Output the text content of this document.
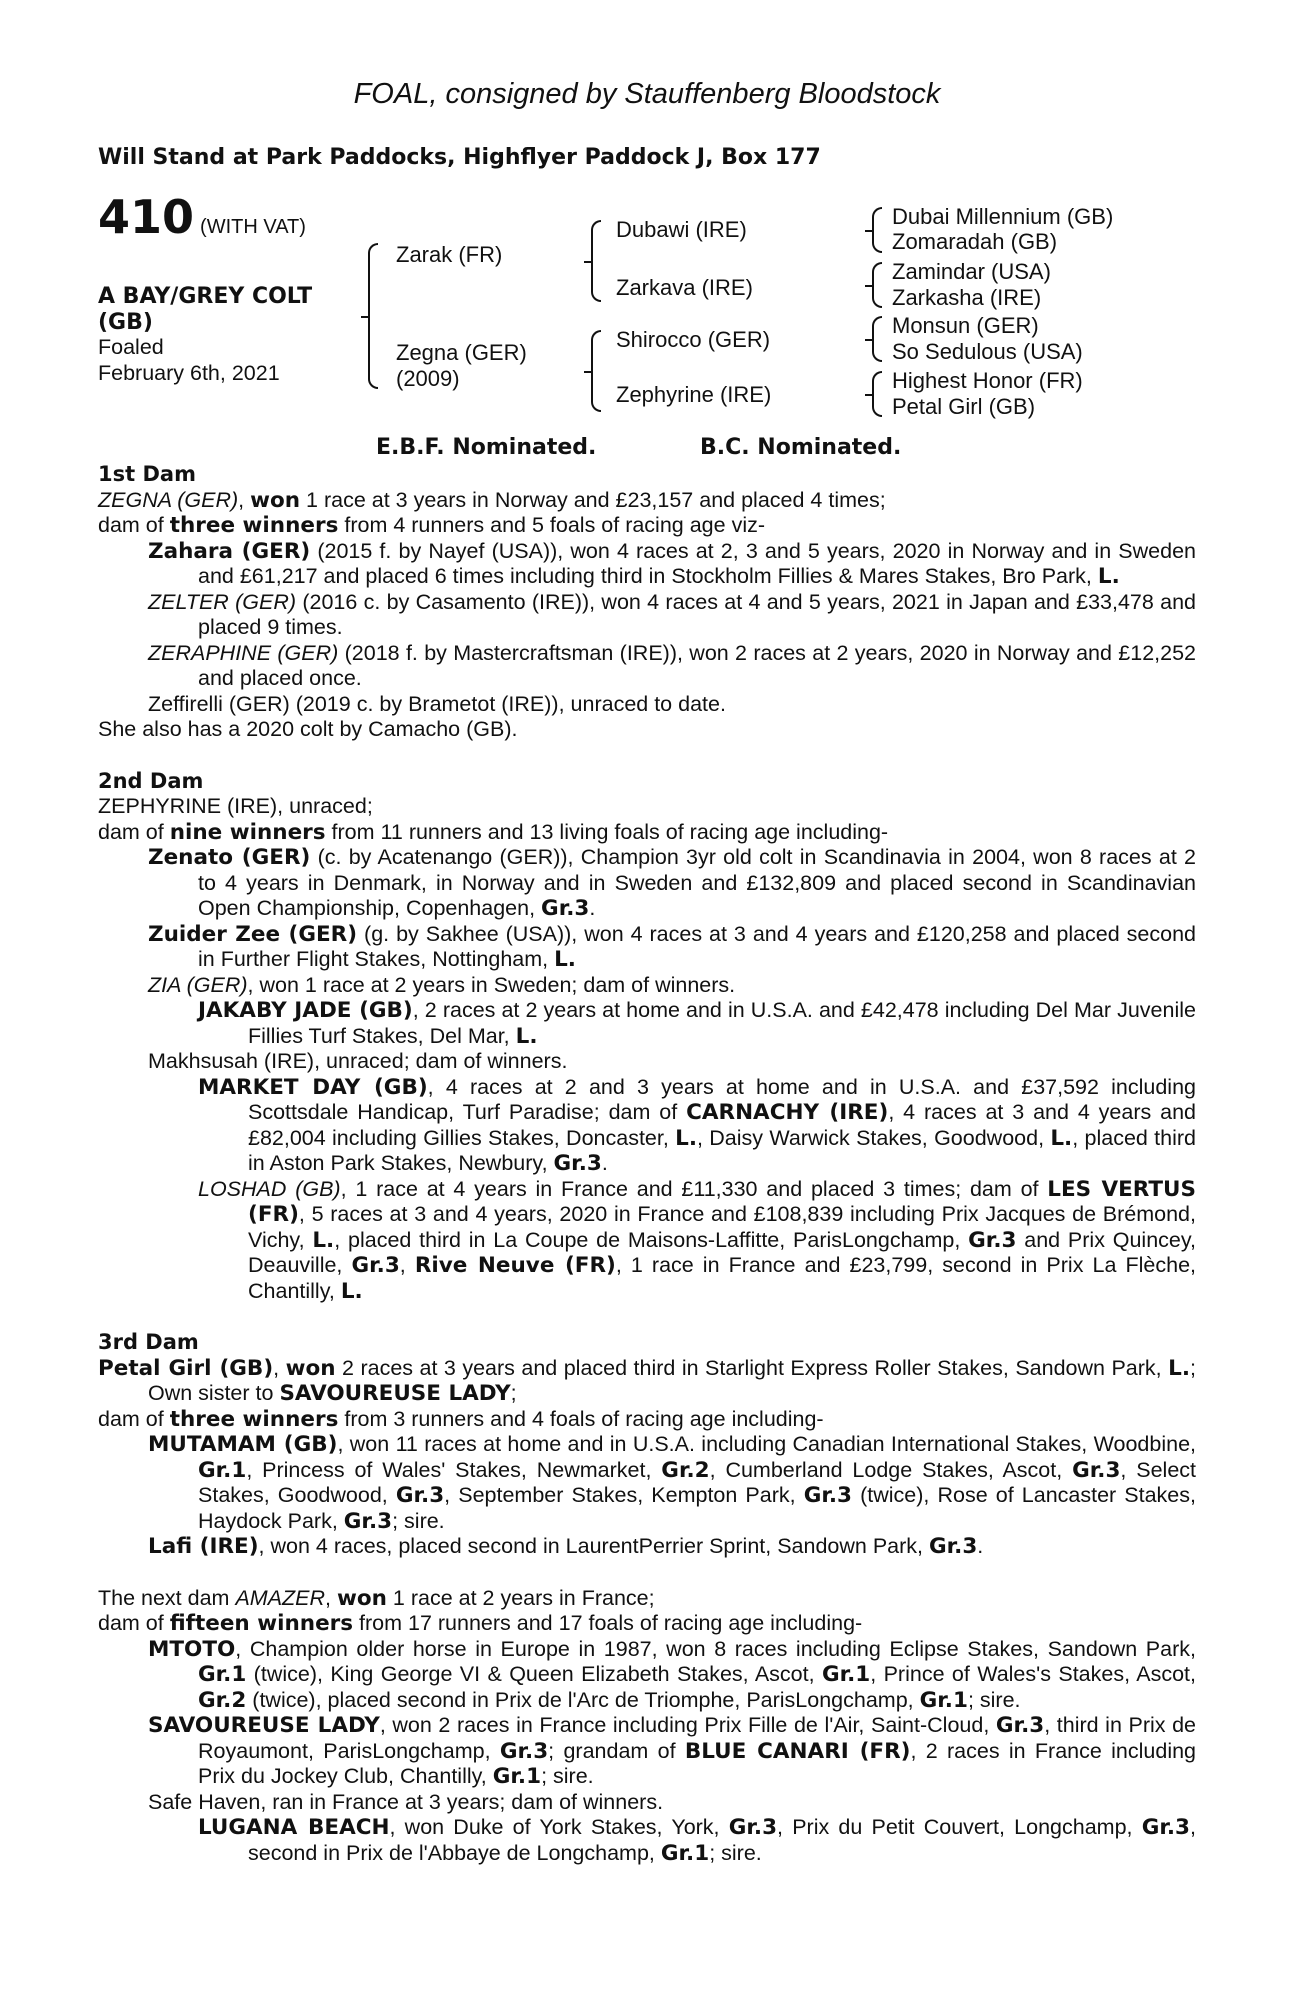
FOAL, consigned by Stauffenberg Bloodstock
Will Stand at Park Paddocks, Highflyer Paddock J, Box 177
410 (WITH VAT)
A BAY/GREY COLT
(GB)
Foaled
February 6th, 2021
Zarak (FR)
Zegna (GER)
(2009)
Dubawi (IRE)
Zarkava (IRE)
Shirocco (GER)
Zephyrine (IRE)
Dubai Millennium (GB)
Zomaradah (GB)
Zamindar (USA)
Zarkasha (IRE)
Monsun (GER)
So Sedulous (USA)
Highest Honor (FR)
Petal Girl (GB)
E.B.F. Nominated.	B.C. Nominated.
1st Dam
ZEGNA (GER), won 1 race at 3 years in Norway and £23,157 and placed 4 times;
dam of three winners from 4 runners and 5 foals of racing age viz-
Zahara (GER) (2015 f. by Nayef (USA)), won 4 races at 2, 3 and 5 years, 2020 in Norway and in Sweden and £61,217 and placed 6 times including third in Stockholm Fillies & Mares Stakes, Bro Park, L.
ZELTER (GER) (2016 c. by Casamento (IRE)), won 4 races at 4 and 5 years, 2021 in Japan and £33,478 and placed 9 times.
ZERAPHINE (GER) (2018 f. by Mastercraftsman (IRE)), won 2 races at 2 years, 2020 in Norway and £12,252 and placed once.
Zeffirelli (GER) (2019 c. by Brametot (IRE)), unraced to date.
She also has a 2020 colt by Camacho (GB).
2nd Dam
ZEPHYRINE (IRE), unraced;
dam of nine winners from 11 runners and 13 living foals of racing age including-
Zenato (GER) (c. by Acatenango (GER)), Champion 3yr old colt in Scandinavia in 2004, won 8 races at 2 to 4 years in Denmark, in Norway and in Sweden and £132,809 and placed second in Scandinavian Open Championship, Copenhagen, Gr.3.
Zuider Zee (GER) (g. by Sakhee (USA)), won 4 races at 3 and 4 years and £120,258 and placed second in Further Flight Stakes, Nottingham, L.
ZIA (GER), won 1 race at 2 years in Sweden; dam of winners.
JAKABY JADE (GB), 2 races at 2 years at home and in U.S.A. and £42,478 including Del Mar Juvenile Fillies Turf Stakes, Del Mar, L.
Makhsusah (IRE), unraced; dam of winners.
MARKET DAY (GB), 4 races at 2 and 3 years at home and in U.S.A. and £37,592 including Scottsdale Handicap, Turf Paradise; dam of CARNACHY (IRE), 4 races at 3 and 4 years and £82,004 including Gillies Stakes, Doncaster, L., Daisy Warwick Stakes, Goodwood, L., placed third in Aston Park Stakes, Newbury, Gr.3.
LOSHAD (GB), 1 race at 4 years in France and £11,330 and placed 3 times; dam of LES VERTUS (FR), 5 races at 3 and 4 years, 2020 in France and £108,839 including Prix Jacques de Brémond, Vichy, L., placed third in La Coupe de Maisons-Laffitte, ParisLongchamp, Gr.3 and Prix Quincey, Deauville, Gr.3, Rive Neuve (FR), 1 race in France and £23,799, second in Prix La Flèche, Chantilly, L.
3rd Dam
Petal Girl (GB), won 2 races at 3 years and placed third in Starlight Express Roller Stakes, Sandown Park, L.; Own sister to SAVOUREUSE LADY;
dam of three winners from 3 runners and 4 foals of racing age including-
MUTAMAM (GB), won 11 races at home and in U.S.A. including Canadian International Stakes, Woodbine, Gr.1, Princess of Wales' Stakes, Newmarket, Gr.2, Cumberland Lodge Stakes, Ascot, Gr.3, Select Stakes, Goodwood, Gr.3, September Stakes, Kempton Park, Gr.3 (twice), Rose of Lancaster Stakes, Haydock Park, Gr.3; sire.
Lafi (IRE), won 4 races, placed second in LaurentPerrier Sprint, Sandown Park, Gr.3.
The next dam AMAZER, won 1 race at 2 years in France;
dam of fifteen winners from 17 runners and 17 foals of racing age including-
MTOTO, Champion older horse in Europe in 1987, won 8 races including Eclipse Stakes, Sandown Park, Gr.1 (twice), King George VI & Queen Elizabeth Stakes, Ascot, Gr.1, Prince of Wales's Stakes, Ascot, Gr.2 (twice), placed second in Prix de l'Arc de Triomphe, ParisLongchamp, Gr.1; sire.
SAVOUREUSE LADY, won 2 races in France including Prix Fille de l'Air, Saint-Cloud, Gr.3, third in Prix de Royaumont, ParisLongchamp, Gr.3; grandam of BLUE CANARI (FR), 2 races in France including Prix du Jockey Club, Chantilly, Gr.1; sire.
Safe Haven, ran in France at 3 years; dam of winners.
LUGANA BEACH, won Duke of York Stakes, York, Gr.3, Prix du Petit Couvert, Longchamp, Gr.3, second in Prix de l'Abbaye de Longchamp, Gr.1; sire.
